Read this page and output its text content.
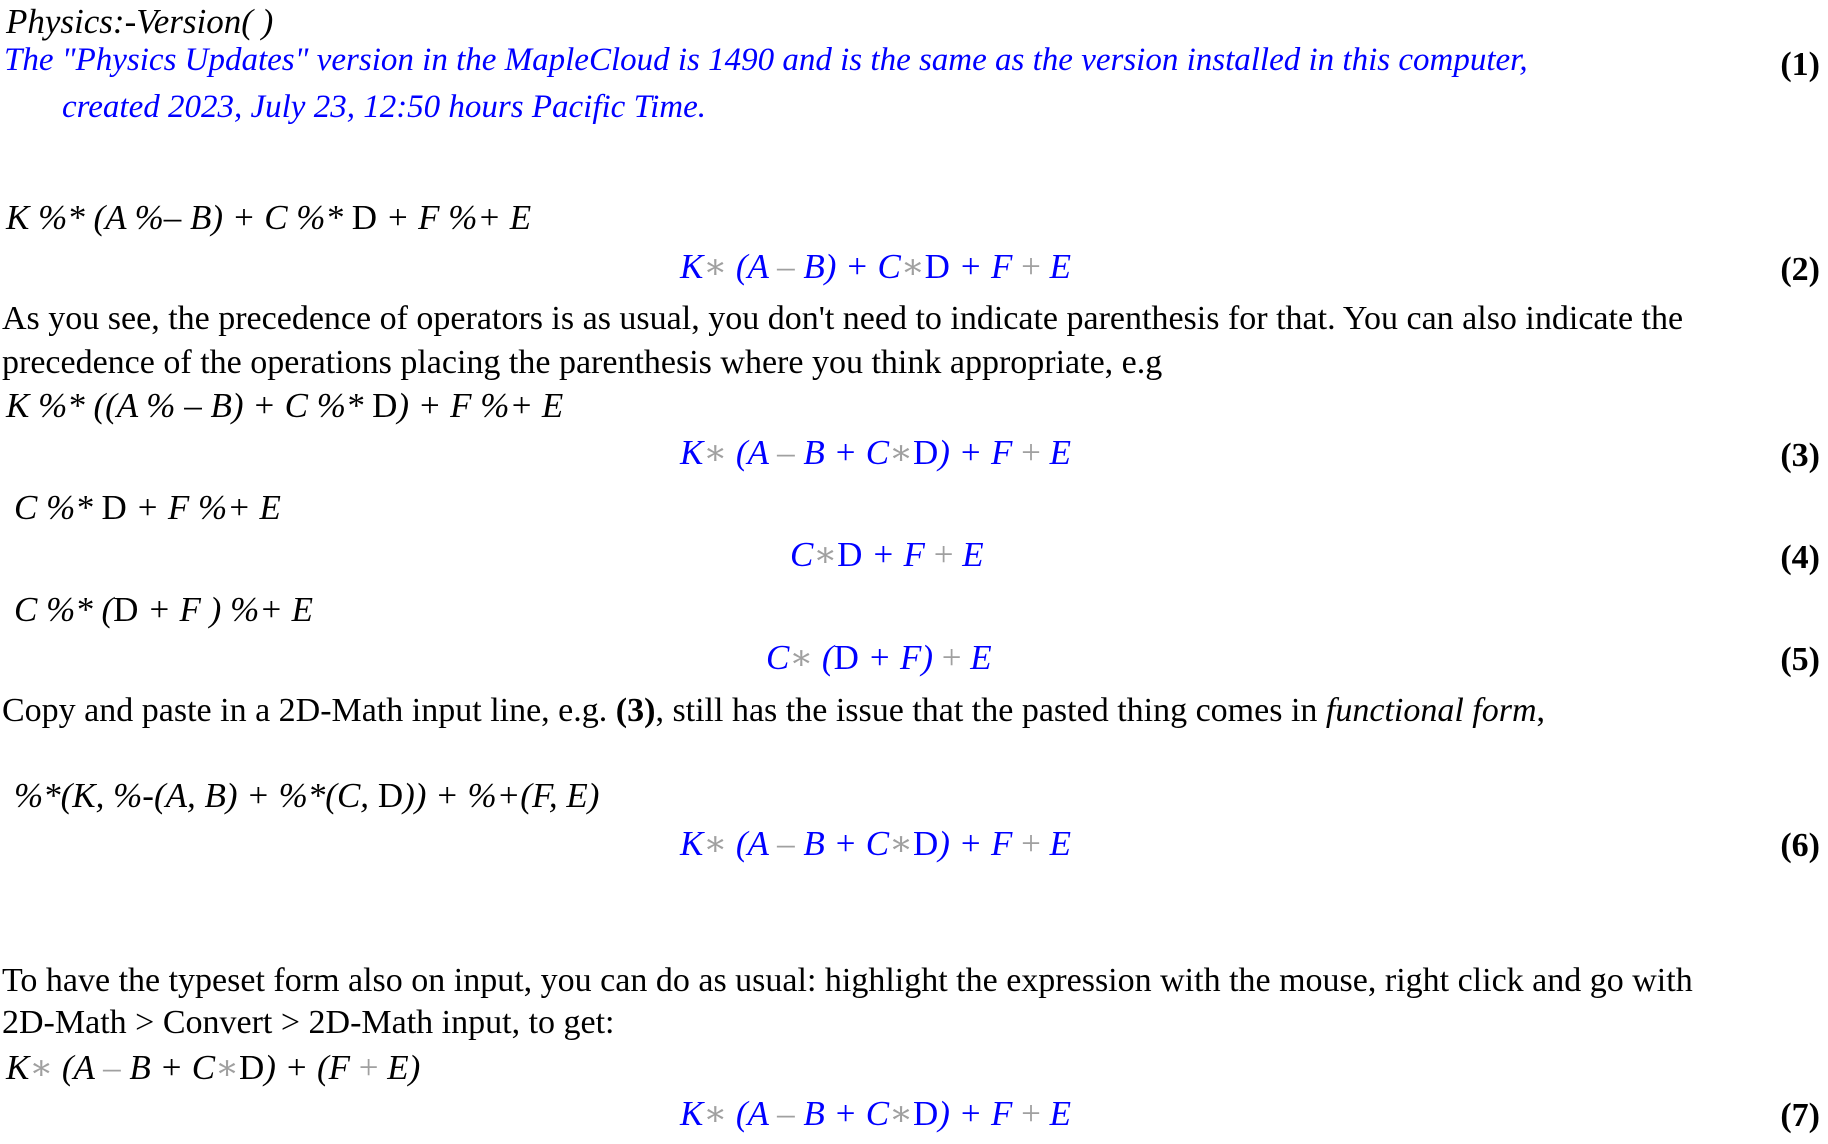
Physics:-Version( )
The "Physics Updates" version in the MapleCloud is 1490 and is the same as the version installed in this computer,
created 2023, July 23, 12:50 hours Pacific Time.
(1)
K %* (A %– B) + C %* D + F %+ E
K∗ (A – B) + C∗D + F + E	(2)
As you see, the precedence of operators is as usual, you don't need to indicate parenthesis for that. You can also indicate the
precedence of the operations placing the parenthesis where you think appropriate, e.g
K %* ((A % – B) + C %* D) + F %+ E
K∗ (A – B + C∗D) + F + E	(3)
C %* D + F %+ E
C∗D + F + E	(4)
C %* (D + F ) %+ E
C∗ (D + F) + E	(5)
Copy and paste in a 2D-Math input line, e.g. (3), still has the issue that the pasted thing comes in functional form,
%*(K, %-(A, B) + %*(C, D)) + %+(F, E)
K∗ (A – B + C∗D) + F + E	(6)
To have the typeset form also on input, you can do as usual: highlight the expression with the mouse, right click and go with
2D-Math > Convert > 2D-Math input, to get:
K∗ (A – B + C∗D) + (F + E)
K∗ (A – B + C∗D) + F + E	(7)
